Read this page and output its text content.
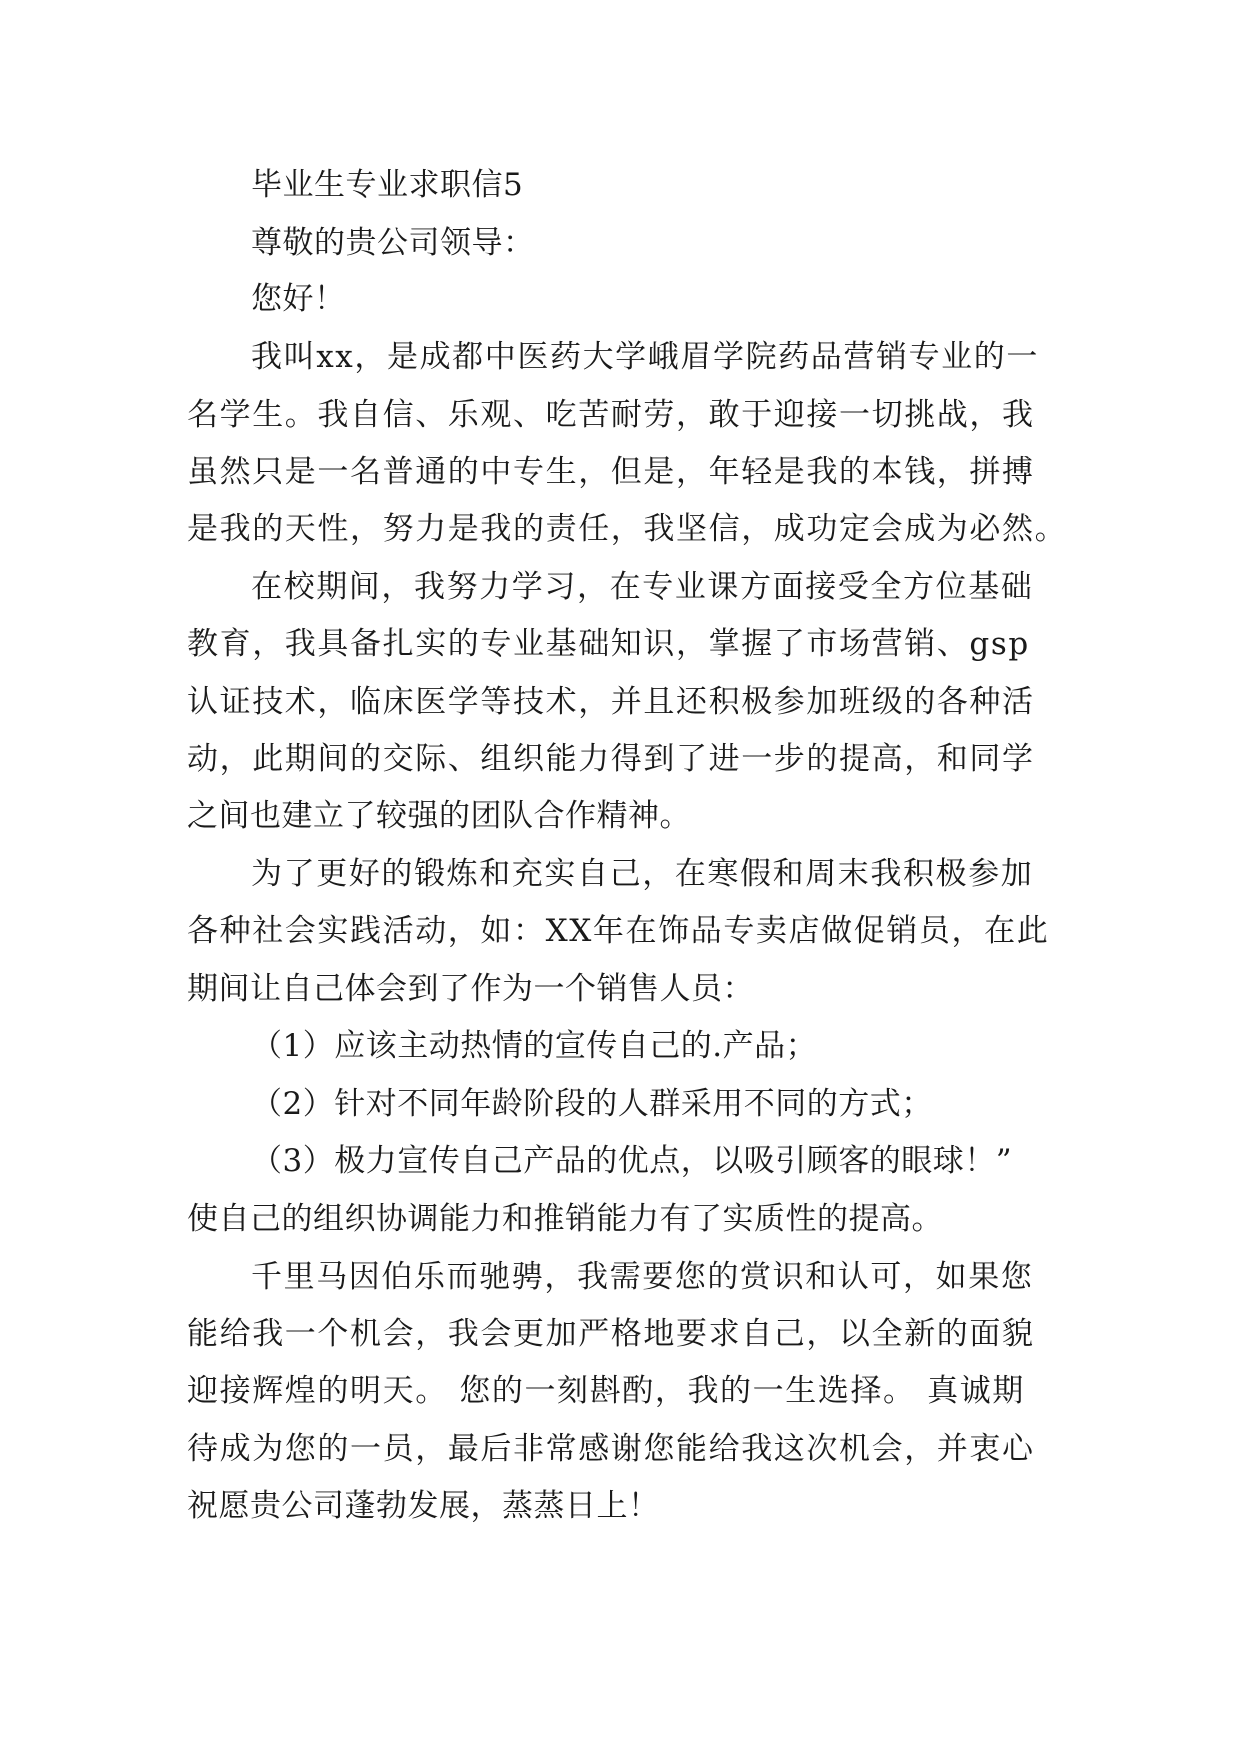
毕业生专业求职信5
尊敬的贵公司领导：
您好！
我叫xx，是成都中医药大学峨眉学院药品营销专业的一
名学生。我自信、乐观、吃苦耐劳，敢于迎接一切挑战，我
虽然只是一名普通的中专生，但是，年轻是我的本钱，拼搏
是我的天性，努力是我的责任，我坚信，成功定会成为必然。
在校期间，我努力学习，在专业课方面接受全方位基础
教育，我具备扎实的专业基础知识，掌握了市场营销、gsp
认证技术，临床医学等技术，并且还积极参加班级的各种活
动，此期间的交际、组织能力得到了进一步的提高，和同学
之间也建立了较强的团队合作精神。
为了更好的锻炼和充实自己，在寒假和周末我积极参加
各种社会实践活动，如：XX年在饰品专卖店做促销员，在此
期间让自己体会到了作为一个销售人员：
（1）应该主动热情的宣传自己的.产品；
（2）针对不同年龄阶段的人群采用不同的方式；
（3）极力宣传自己产品的优点，以吸引顾客的眼球！”
使自己的组织协调能力和推销能力有了实质性的提高。
千里马因伯乐而驰骋，我需要您的赏识和认可，如果您
能给我一个机会，我会更加严格地要求自己，以全新的面貌
迎接辉煌的明天。 您的一刻斟酌，我的一生选择。 真诚期
待成为您的一员，最后非常感谢您能给我这次机会，并衷心
祝愿贵公司蓬勃发展，蒸蒸日上！
